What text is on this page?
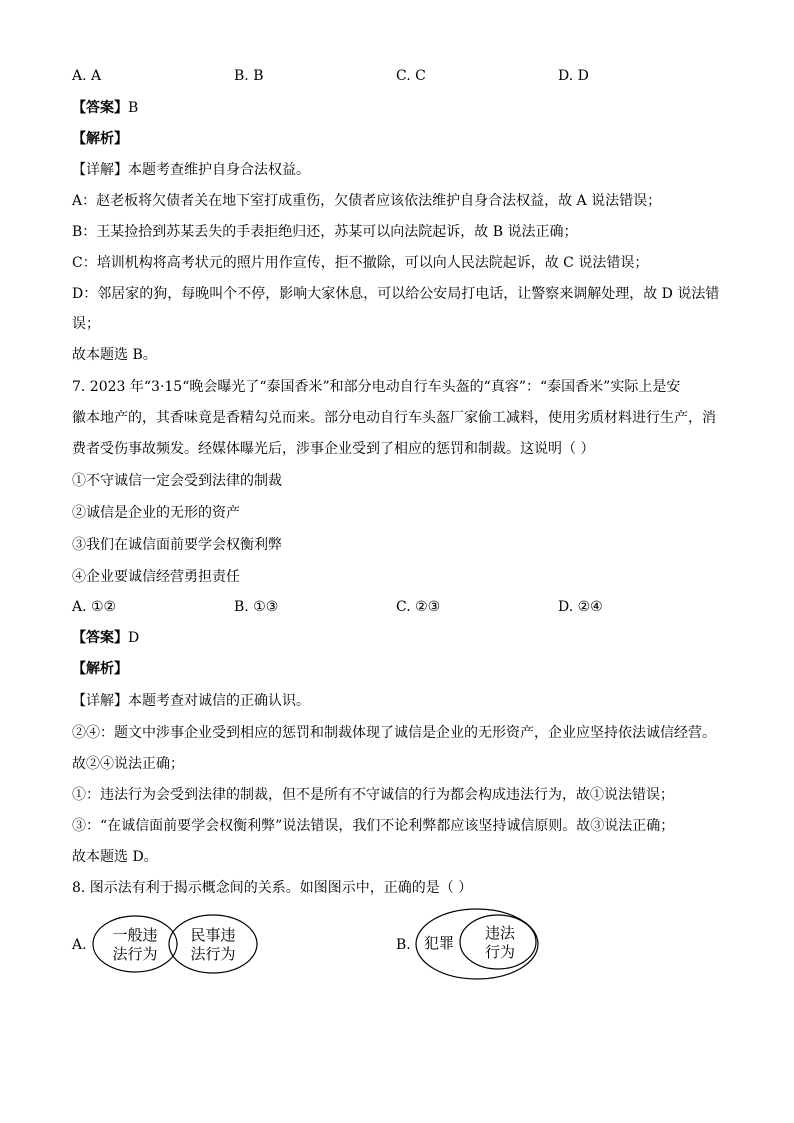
A. A	B. B	C. C	D. D
【答案】B
【解析】
【详解】本题考查维护自身合法权益。
A：赵老板将欠债者关在地下室打成重伤，欠债者应该依法维护自身合法权益，故 A 说法错误；
B：王某捡拾到苏某丢失的手表拒绝归还，苏某可以向法院起诉，故 B 说法正确；
C：培训机构将高考状元的照片用作宣传，拒不撤除，可以向人民法院起诉，故 C 说法错误；
D：邻居家的狗，每晚叫个不停，影响大家休息，可以给公安局打电话，让警察来调解处理，故 D 说法错
误；
故本题选 B。
7. 2023 年“3·15“晚会曝光了“泰国香米”和部分电动自行车头盔的“真容”：“泰国香米”实际上是安
徽本地产的，其香味竟是香精勾兑而来。部分电动自行车头盔厂家偷工减料，使用劣质材料进行生产，消
费者受伤事故频发。经媒体曝光后，涉事企业受到了相应的惩罚和制裁。这说明（ ）
①不守诚信一定会受到法律的制裁
②诚信是企业的无形的资产
③我们在诚信面前要学会权衡利弊
④企业要诚信经营勇担责任
A. ①②	B. ①③	C. ②③	D. ②④
【答案】D
【解析】
【详解】本题考查对诚信的正确认识。
②④：题文中涉事企业受到相应的惩罚和制裁体现了诚信是企业的无形资产，企业应坚持依法诚信经营。
故②④说法正确；
①：违法行为会受到法律的制裁，但不是所有不守诚信的行为都会构成违法行为，故①说法错误；
③：“在诚信面前要学会权衡利弊”说法错误，我们不论利弊都应该坚持诚信原则。故③说法正确；
故本题选 D。
8. 图示法有利于揭示概念间的关系。如图图示中，正确的是（ ）
A.
一般违
法行为
民事违
法行为	B. 犯罪
违法
行为
